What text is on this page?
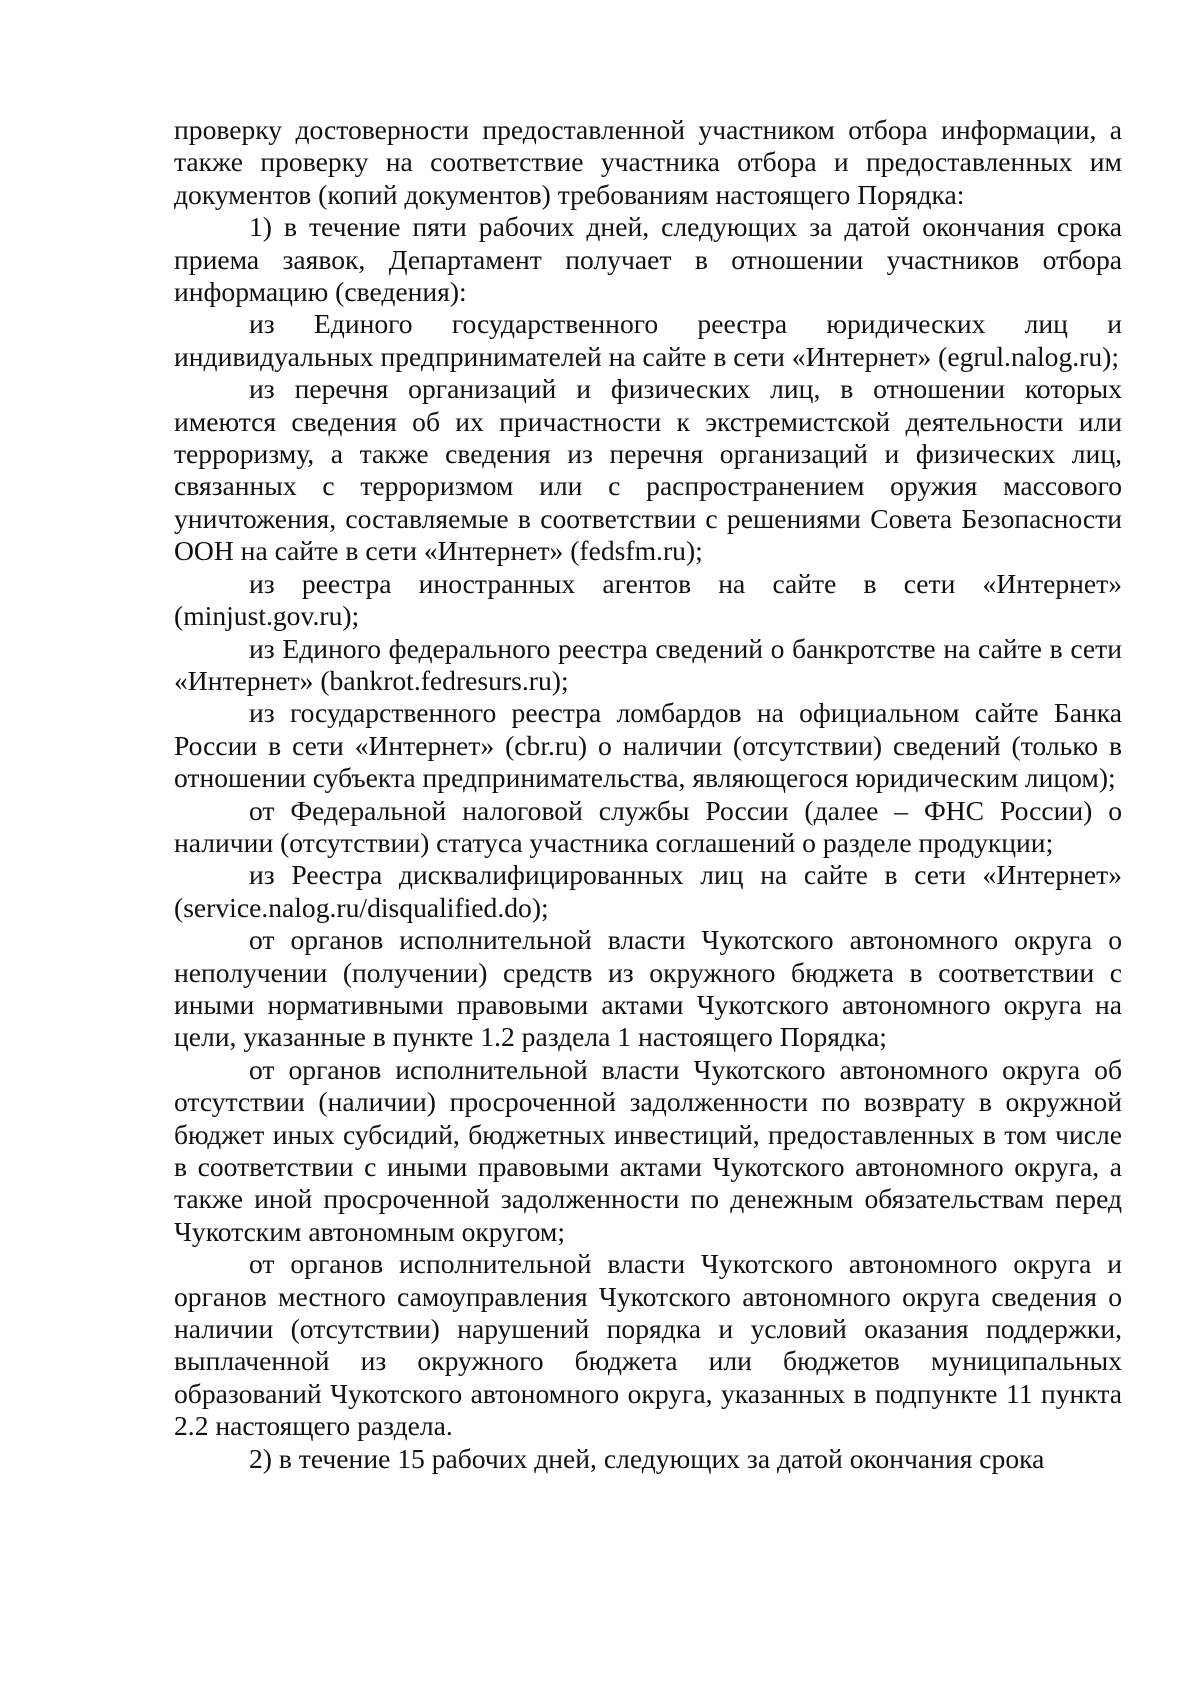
проверку достоверности предоставленной участником отбора информации, а также проверку на соответствие участника отбора и предоставленных им документов (копий документов) требованиям настоящего Порядка:

1) в течение пяти рабочих дней, следующих за датой окончания срока приема заявок, Департамент получает в отношении участников отбора информацию (сведения):

из Единого государственного реестра юридических лиц и индивидуальных предпринимателей на сайте в сети «Интернет» (egrul.nalog.ru);

из перечня организаций и физических лиц, в отношении которых имеются сведения об их причастности к экстремистской деятельности или терроризму, а также сведения из перечня организаций и физических лиц, связанных с терроризмом или с распространением оружия массового уничтожения, составляемые в соответствии с решениями Совета Безопасности ООН на сайте в сети «Интернет» (fedsfm.ru);

из реестра иностранных агентов на сайте в сети «Интернет» (minjust.gov.ru);

из Единого федерального реестра сведений о банкротстве на сайте в сети «Интернет» (bankrot.fedresurs.ru);

из государственного реестра ломбардов на официальном сайте Банка России в сети «Интернет» (cbr.ru) о наличии (отсутствии) сведений (только в отношении субъекта предпринимательства, являющегося юридическим лицом);

от Федеральной налоговой службы России (далее – ФНС России) о наличии (отсутствии) статуса участника соглашений о разделе продукции;

из Реестра дисквалифицированных лиц на сайте в сети «Интернет» (service.nalog.ru/disqualified.do);

от органов исполнительной власти Чукотского автономного округа о неполучении (получении) средств из окружного бюджета в соответствии с иными нормативными правовыми актами Чукотского автономного округа на цели, указанные в пункте 1.2 раздела 1 настоящего Порядка;

от органов исполнительной власти Чукотского автономного округа об отсутствии (наличии) просроченной задолженности по возврату в окружной бюджет иных субсидий, бюджетных инвестиций, предоставленных в том числе в соответствии с иными правовыми актами Чукотского автономного округа, а также иной просроченной задолженности по денежным обязательствам перед Чукотским автономным округом;

от органов исполнительной власти Чукотского автономного округа и органов местного самоуправления Чукотского автономного округа сведения о наличии (отсутствии) нарушений порядка и условий оказания поддержки, выплаченной из окружного бюджета или бюджетов муниципальных образований Чукотского автономного округа, указанных в подпункте 11 пункта 2.2 настоящего раздела.

2) в течение 15 рабочих дней, следующих за датой окончания срока
